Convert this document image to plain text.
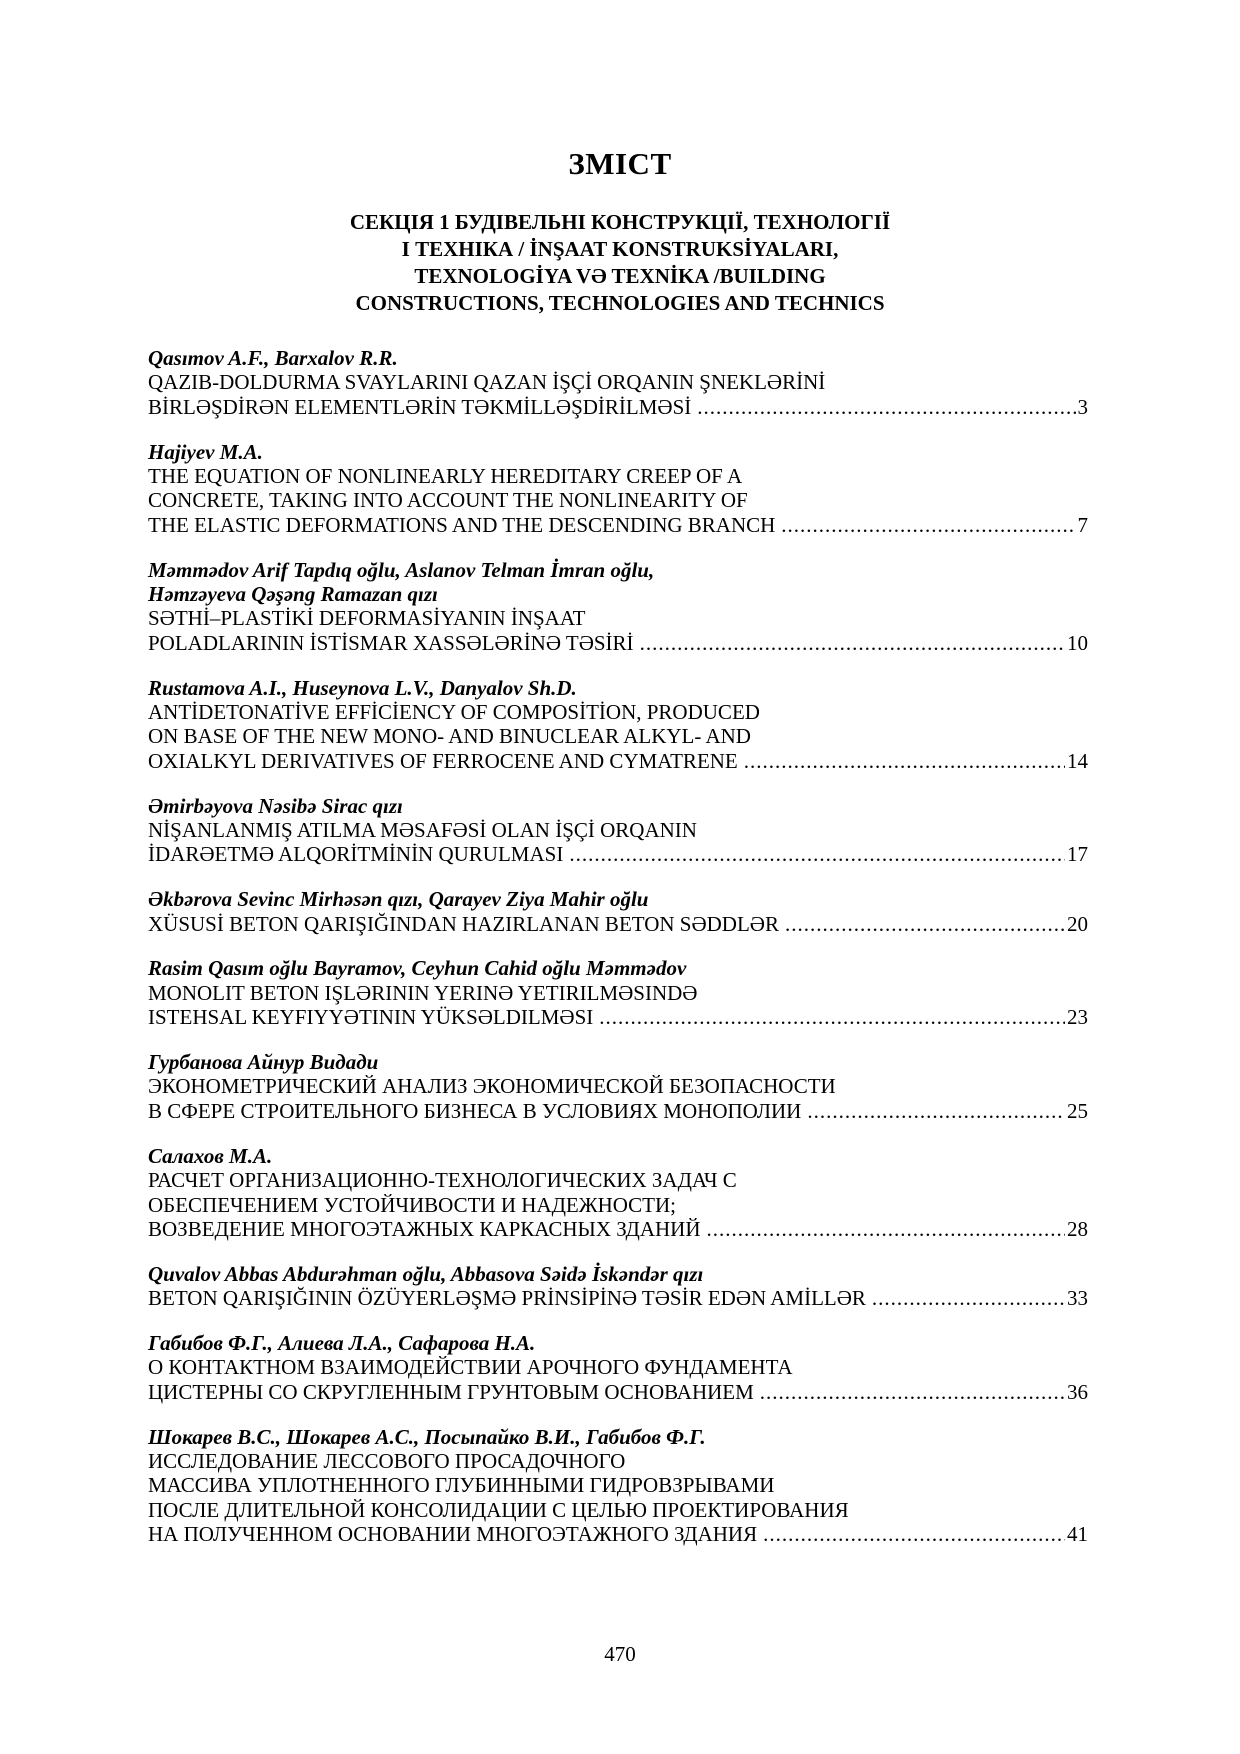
ЗМІСТ
СЕКЦІЯ 1 БУДІВЕЛЬНІ КОНСТРУКЦІЇ, ТЕХНОЛОГІЇ
І ТЕХНІКА / İNŞAAT KONSTRUKSİYALARI,
TEXNOLOGİYA VƏ TEXNİKA /BUILDING
CONSTRUCTIONS, TECHNOLOGIES AND TECHNICS
Qasımov A.F., Barxalov R.R.
QAZIB-DOLDURMA SVAYLARINI QAZAN İŞÇİ ORQANIN ŞNEKLƏRİNİ
BİRLƏŞDİRƏN ELEMENTLƏRİN TƏKMİLLƏŞDİRİLMƏSİ .....	3
Hajiyev M.A.
THE EQUATION OF NONLINEARLY HEREDITARY CREEP OF A
CONCRETE, TAKING INTO ACCOUNT THE NONLINEARITY OF
THE ELASTIC DEFORMATIONS AND THE DESCENDING BRANCH .....	7
Məmmədov Arif Tapdıq oğlu, Aslanov Telman İmran oğlu,
Həmzəyeva Qəşəng Ramazan qızı
SƏTHİ–PLASTİKİ DEFORMASİYANIN İNŞAAT
POLADLARININ İSTİSMAR XASSƏLƏRİNƏ TƏSİRİ .....	10
Rustamova A.I., Huseynova L.V., Danyalov Sh.D.
ANTİDETONATİVE EFFİCİENCY OF COMPOSİTİON, PRODUCED
ON BASE OF THE NEW MONO- AND BINUCLEAR ALKYL- AND
OXIALKYL DERIVATIVES OF FERROCENE AND CYMATRENE .....	14
Əmirbəyova Nəsibə Sirac qızı
NİŞANLANMIŞ ATILMA MƏSAFƏSİ OLAN İŞÇİ ORQANIN
İDARƏETMƏ ALQORİTMİNİN QURULMASI .....	17
Əkbərova Sevinc Mirhəsən qızı, Qarayev Ziya Mahir oğlu
XÜSUSİ BETON QARIŞIĞINDAN HAZIRLANAN BETON SƏDDLƏR .....	20
Rasim Qasım oğlu Bayramov, Ceyhun Cahid oğlu Məmmədov
MONOLIT BETON IŞLƏRININ YERINƏ YETIRILMƏSINDƏ
ISTEHSAL KEYFIYYƏTININ YÜKSƏLDILMƏSI .....	23
Гурбанова Айнур Видади
ЭКОНОМЕТРИЧЕСКИЙ АНАЛИЗ ЭКОНОМИЧЕСКОЙ БЕЗОПАСНОСТИ
В СФЕРЕ СТРОИТЕЛЬНОГО БИЗНЕСА В УСЛОВИЯХ МОНОПОЛИИ .....	25
Салахов М.А.
РАСЧЕТ ОРГАНИЗАЦИОННО-ТЕХНОЛОГИЧЕСКИХ ЗАДАЧ С
ОБЕСПЕЧЕНИЕМ УСТОЙЧИВОСТИ И НАДЕЖНОСТИ;
ВОЗВЕДЕНИЕ МНОГОЭТАЖНЫХ КАРКАСНЫХ ЗДАНИЙ .....	28
Quvalov Abbas Abdurəhman oğlu, Abbasova Səidə İskəndər qızı
BETON QARIŞIĞININ ÖZÜYERLƏŞMƏ PRİNSİPİNƏ TƏSİR EDƏN AMİLLƏR .....	33
Габибов Ф.Г., Алиева Л.А., Сафарова Н.А.
О КОНТАКТНОМ ВЗАИМОДЕЙСТВИИ АРОЧНОГО ФУНДАМЕНТА
ЦИСТЕРНЫ СО СКРУГЛЕННЫМ ГРУНТОВЫМ ОСНОВАНИЕМ .....	36
Шокарев В.С., Шокарев А.С., Посыпайко В.И., Габибов Ф.Г.
ИССЛЕДОВАНИЕ ЛЕССОВОГО ПРОСАДОЧНОГО
МАССИВА УПЛОТНЕННОГО ГЛУБИННЫМИ ГИДРОВЗРЫВАМИ
ПОСЛЕ ДЛИТЕЛЬНОЙ КОНСОЛИДАЦИИ С ЦЕЛЬЮ ПРОЕКТИРОВАНИЯ
НА ПОЛУЧЕННОМ ОСНОВАНИИ МНОГОЭТАЖНОГО ЗДАНИЯ .....	41
470
